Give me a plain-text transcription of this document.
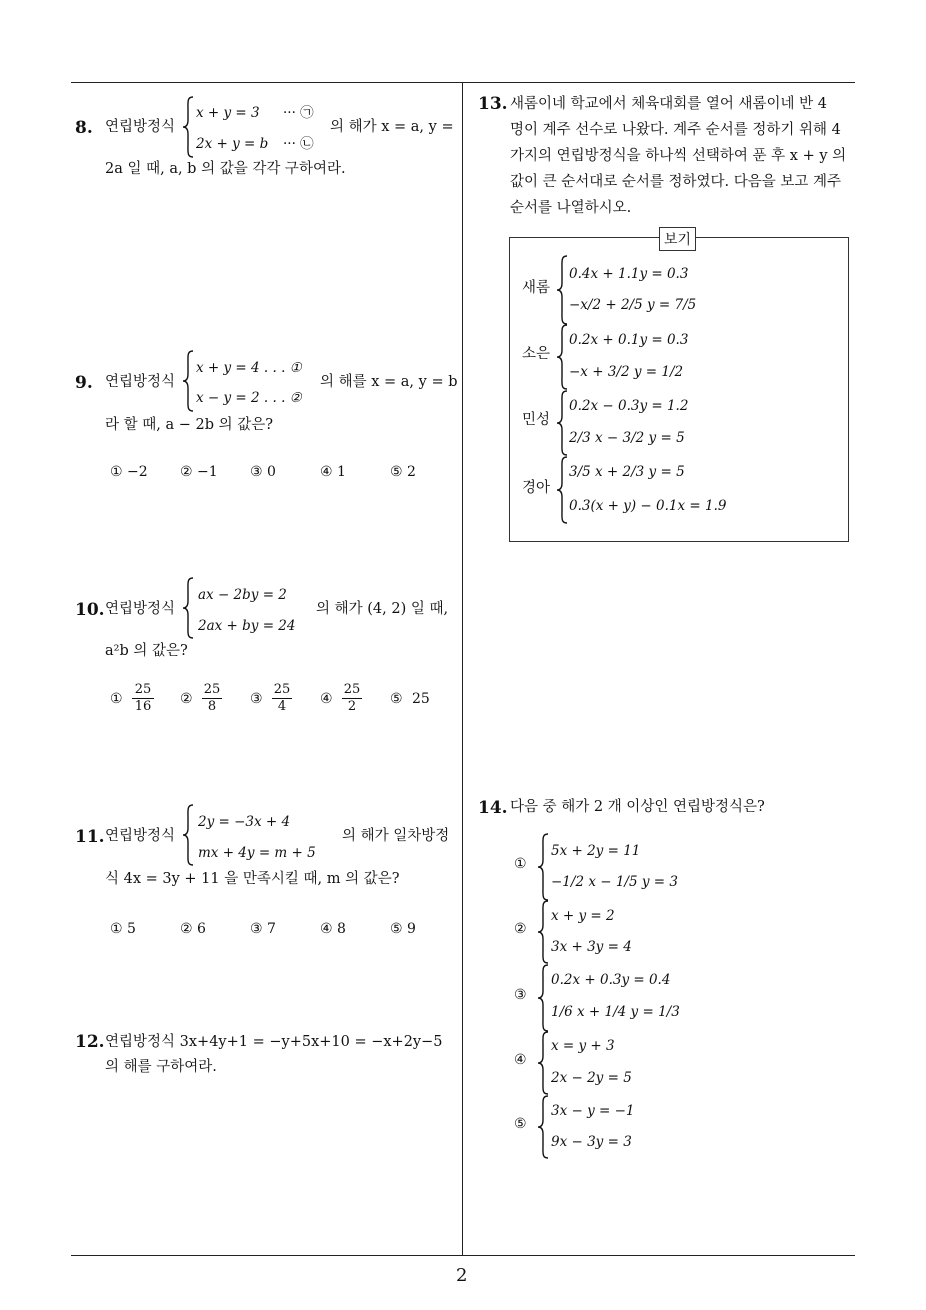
2
8. 연립방정식
x + y = 3 ··· ㉠
2x + y = b ··· ㉡
의 해가 x = a, y =
2a 일 때, a, b 의 값을 각각 구하여라.
9. 연립방정식
x + y = 4 . . . ①
x − y = 2 . . . ②
의 해를 x = a, y = b
라 할 때, a − 2b 의 값은?
① −2 ② −1 ③ 0	④ 1	⑤ 2
10. 연립방정식
ax − 2by = 2
2ax + by = 24
의 해가 (4, 2) 일 때,
a²b 의 값은?
①
25
16 ②
25
8	③
25
4	④
25
2	⑤ 25
11. 연립방정식
2y = −3x + 4
mx + 4y = m + 5
의 해가 일차방정
식 4x = 3y + 11 을 만족시킬 때, m 의 값은?
① 5	② 6	③ 7	④ 8	⑤ 9
12. 연립방정식 3x+4y+1 = −y+5x+10 = −x+2y−5
의 해를 구하여라.
13. 새롬이네 학교에서 체육대회를 열어 새롬이네 반 4
명이 계주 선수로 나왔다. 계주 순서를 정하기 위해 4
가지의 연립방정식을 하나씩 선택하여 푼 후 x + y 의
값이 큰 순서대로 순서를 정하였다. 다음을 보고 계주
순서를 나열하시오.
보기
새롬
0.4x + 1.1y = 0.3
−x/2 + 2/5 y = 7/5
소은
0.2x + 0.1y = 0.3
−x + 3/2 y = 1/2
민성
0.2x − 0.3y = 1.2
2/3 x − 3/2 y = 5
경아
3/5 x + 2/3 y = 5
0.3(x + y) − 0.1x = 1.9
14. 다음 중 해가 2 개 이상인 연립방정식은?
①
5x + 2y = 11
−1/2 x − 1/5 y = 3
②
x + y = 2
3x + 3y = 4
③
0.2x + 0.3y = 0.4
1/6 x + 1/4 y = 1/3
④
x = y + 3
2x − 2y = 5
⑤
3x − y = −1
9x − 3y = 3
